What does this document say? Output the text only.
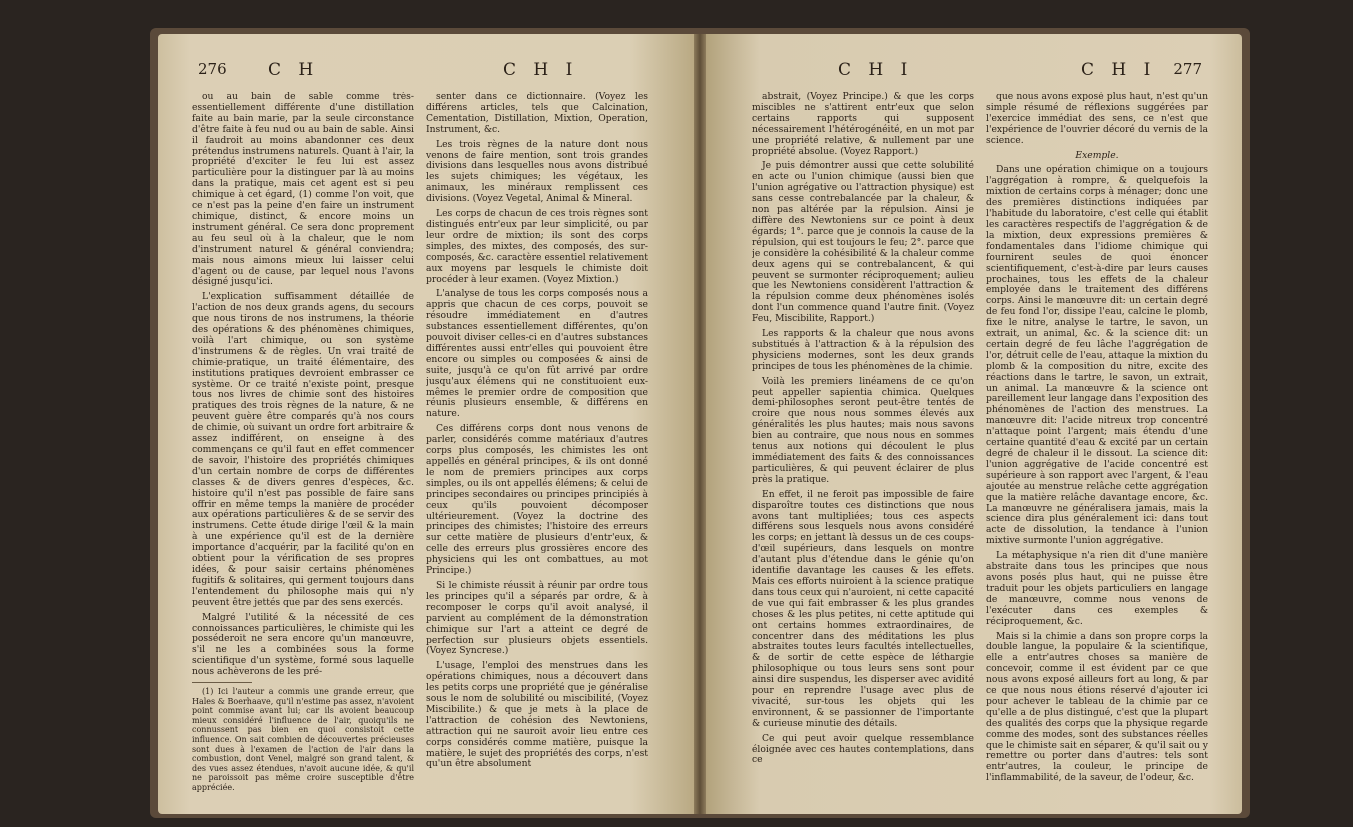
276 C H	C H I

ou au bain de sable comme très-essentiellement différente d'une distillation faite au bain marie, par la seule circonstance d'être faite à feu nud ou au bain de sable. Ainsi il faudroit au moins abandonner ces deux prétendus instrumens naturels. Quant à l'air, la propriété d'exciter le feu lui est assez particulière pour la distinguer par là au moins dans la pratique, mais cet agent est si peu chimique à cet égard, (1) comme l'on voit, que ce n'est pas la peine d'en faire un instrument chimique, distinct, & encore moins un instrument général. Ce sera donc proprement au feu seul où à la chaleur, que le nom d'instrument naturel & général conviendra; mais nous aimons mieux lui laisser celui d'agent ou de cause, par lequel nous l'avons désigné jusqu'ici.

L'explication suffisamment détaillée de l'action de nos deux grands agens, du secours que nous tirons de nos instrumens, la théorie des opérations & des phénomènes chimiques, voilà l'art chimique, ou son système d'instrumens & de règles. Un vrai traité de chimie-pratique, un traité élémentaire, des institutions pratiques devroient embrasser ce système. Or ce traité n'existe point, presque tous nos livres de chimie sont des histoires pratiques des trois règnes de la nature, & ne peuvent guère être comparés qu'à nos cours de chimie, où suivant un ordre fort arbitraire & assez indifférent, on enseigne à des commençans ce qu'il faut en effet commencer de savoir, l'histoire des propriétés chimiques d'un certain nombre de corps de différentes classes & de divers genres d'espèces, &c. histoire qu'il n'est pas possible de faire sans offrir en même temps la manière de procéder aux opérations particulières & de se servir des instrumens. Cette étude dirige l'œil & la main à une expérience qu'il est de la dernière importance d'acquérir, par la facilité qu'on en obtient pour la vérification de ses propres idées, & pour saisir certains phénomènes fugitifs & solitaires, qui germent toujours dans l'entendement du philosophe mais qui n'y peuvent être jettés que par des sens exercés.

Malgré l'utilité & la nécessité de ces connoissances particulières, le chimiste qui les posséderoit ne sera encore qu'un manœuvre, s'il ne les a combinées sous la forme scientifique d'un système, formé sous laquelle nous achèverons de les pré-

(1) Ici l'auteur a commis une grande erreur, que Hales & Boerhaave, qu'il n'estime pas assez, n'avoient point commise avant lui; car ils avoient beaucoup mieux considéré l'influence de l'air, quoiqu'ils ne connussent pas bien en quoi consistoit cette influence. On sait combien de découvertes précieuses sont dues à l'examen de l'action de l'air dans la combustion, dont Venel, malgré son grand talent, & des vues assez étendues, n'avoit aucune idée, & qu'il ne paroissoit pas même croire susceptible d'être appréciée.

senter dans ce dictionnaire. (Voyez les différens articles, tels que Calcination, Cementation, Distillation, Mixtion, Operation, Instrument, &c.

Les trois règnes de la nature dont nous venons de faire mention, sont trois grandes divisions dans lesquelles nous avons distribué les sujets chimiques; les végétaux, les animaux, les minéraux remplissent ces divisions. (Voyez Vegetal, Animal & Mineral.

Les corps de chacun de ces trois règnes sont distingués entr'eux par leur simplicité, ou par leur ordre de mixtion; ils sont des corps simples, des mixtes, des composés, des sur-composés, &c. caractère essentiel relativement aux moyens par lesquels le chimiste doit procéder à leur examen. (Voyez Mixtion.)

L'analyse de tous les corps composés nous a appris que chacun de ces corps, pouvoit se résoudre immédiatement en d'autres substances essentiellement différentes, qu'on pouvoit diviser celles-ci en d'autres substances différentes aussi entr'elles qui pouvoient être encore ou simples ou composées & ainsi de suite, jusqu'à ce qu'on fût arrivé par ordre jusqu'aux élémens qui ne constituoient eux-mêmes le premier ordre de composition que réunis plusieurs ensemble, & différens en nature.

Ces différens corps dont nous venons de parler, considérés comme matériaux d'autres corps plus composés, les chimistes les ont appellés en général principes, & ils ont donné le nom de premiers principes aux corps simples, ou ils ont appellés élémens; & celui de principes secondaires ou principes principiés à ceux qu'ils pouvoient décomposer ultérieurement. (Voyez la doctrine des principes des chimistes; l'histoire des erreurs sur cette matière de plusieurs d'entr'eux, & celle des erreurs plus grossières encore des physiciens qui les ont combattues, au mot Principe.)

Si le chimiste réussit à réunir par ordre tous les principes qu'il a séparés par ordre, & à recomposer le corps qu'il avoit analysé, il parvient au complément de la démonstration chimique sur l'art a atteint ce degré de perfection sur plusieurs objets essentiels. (Voyez Syncrese.)

L'usage, l'emploi des menstrues dans les opérations chimiques, nous a découvert dans les petits corps une propriété que je généralise sous le nom de solubilité ou miscibilité, (Voyez Miscibilite.) & que je mets à la place de l'attraction de cohésion des Newtoniens, attraction qui ne sauroit avoir lieu entre ces corps considérés comme matière, puisque la matière, le sujet des propriétés des corps, n'est qu'un être absolument

C H I	C H I 277

abstrait, (Voyez Principe.) & que les corps miscibles ne s'attirent entr'eux que selon certains rapports qui supposent nécessairement l'hétérogénéité, en un mot par une propriété relative, & nullement par une propriété absolue. (Voyez Rapport.)

Je puis démontrer aussi que cette solubilité en acte ou l'union chimique (aussi bien que l'union agrégative ou l'attraction physique) est sans cesse contrebalancée par la chaleur, & non pas altérée par la répulsion. Ainsi je diffère des Newtoniens sur ce point à deux égards; 1°. parce que je connois la cause de la répulsion, qui est toujours le feu; 2°. parce que je considère la cohésibilité & la chaleur comme deux agens qui se contrebalancent, & qui peuvent se surmonter réciproquement; aulieu que les Newtoniens considèrent l'attraction & la répulsion comme deux phénomènes isolés dont l'un commence quand l'autre finit. (Voyez Feu, Miscibilite, Rapport.)

Les rapports & la chaleur que nous avons substitués à l'attraction & à la répulsion des physiciens modernes, sont les deux grands principes de tous les phénomènes de la chimie.

Voilà les premiers linéamens de ce qu'on peut appeller sapientia chimica. Quelques demi-philosophes seront peut-être tentés de croire que nous nous sommes élevés aux généralités les plus hautes; mais nous savons bien au contraire, que nous nous en sommes tenus aux notions qui découlent le plus immédiatement des faits & des connoissances particulières, & qui peuvent éclairer de plus près la pratique.

En effet, il ne feroit pas impossible de faire disparoître toutes ces distinctions que nous avons tant multipliées; tous ces aspects différens sous lesquels nous avons considéré les corps; en jettant là dessus un de ces coups-d'œil supérieurs, dans lesquels on montre d'autant plus d'étendue dans le génie qu'on identifie davantage les causes & les effets. Mais ces efforts nuiroient à la science pratique dans tous ceux qui n'auroient, ni cette capacité de vue qui fait embrasser & les plus grandes choses & les plus petites, ni cette aptitude qui ont certains hommes extraordinaires, de concentrer dans des méditations les plus abstraites toutes leurs facultés intellectuelles, & de sortir de cette espèce de léthargie philosophique ou tous leurs sens sont pour ainsi dire suspendus, les disperser avec avidité pour en reprendre l'usage avec plus de vivacité, sur-tous les objets qui les environnent, & se passionner de l'importante & curieuse minutie des détails.

Ce qui peut avoir quelque ressemblance éloignée avec ces hautes contemplations, dans ce

que nous avons exposé plus haut, n'est qu'un simple résumé de réflexions suggérées par l'exercice immédiat des sens, ce n'est que l'expérience de l'ouvrier décoré du vernis de la science.

Exemple.

Dans une opération chimique on a toujours l'aggrégation à rompre, & quelquefois la mixtion de certains corps à ménager; donc une des premières distinctions indiquées par l'habitude du laboratoire, c'est celle qui établit les caractères respectifs de l'aggrégation & de la mixtion, deux expressions premières & fondamentales dans l'idiome chimique qui fournirent seules de quoi énoncer scientifiquement, c'est-à-dire par leurs causes prochaines, tous les effets de la chaleur employée dans le traitement des différens corps. Ainsi le manœuvre dit: un certain degré de feu fond l'or, dissipe l'eau, calcine le plomb, fixe le nitre, analyse le tartre, le savon, un extrait, un animal, &c. & la science dit: un certain degré de feu lâche l'aggrégation de l'or, détruit celle de l'eau, attaque la mixtion du plomb & la composition du nitre, excite des réactions dans le tartre, le savon, un extrait, un animal. La manœuvre & la science ont pareillement leur langage dans l'exposition des phénomènes de l'action des menstrues. La manœuvre dit: l'acide nitreux trop concentré n'attaque point l'argent; mais étendu d'une certaine quantité d'eau & excité par un certain degré de chaleur il le dissout. La science dit: l'union aggrégative de l'acide concentré est supérieure à son rapport avec l'argent, & l'eau ajoutée au menstrue relâche cette aggrégation que la matière relâche davantage encore, &c. La manœuvre ne généralisera jamais, mais la science dira plus généralement ici: dans tout acte de dissolution, la tendance à l'union mixtive surmonte l'union aggrégative.

La métaphysique n'a rien dit d'une manière abstraite dans tous les principes que nous avons posés plus haut, qui ne puisse être traduit pour les objets particuliers en langage de manœuvre, comme nous venons de l'exécuter dans ces exemples & réciproquement, &c.

Mais si la chimie a dans son propre corps la double langue, la populaire & la scientifique, elle a entr'autres choses sa manière de concevoir, comme il est évident par ce que nous avons exposé ailleurs fort au long, & par ce que nous nous étions réservé d'ajouter ici pour achever le tableau de la chimie par ce qu'elle a de plus distingué, c'est que la plupart des qualités des corps que la physique regarde comme des modes, sont des substances réelles que le chimiste sait en séparer, & qu'il sait ou y remettre ou porter dans d'autres: tels sont entr'autres, la couleur, le principe de l'inflammabilité, de la saveur, de l'odeur, &c.
